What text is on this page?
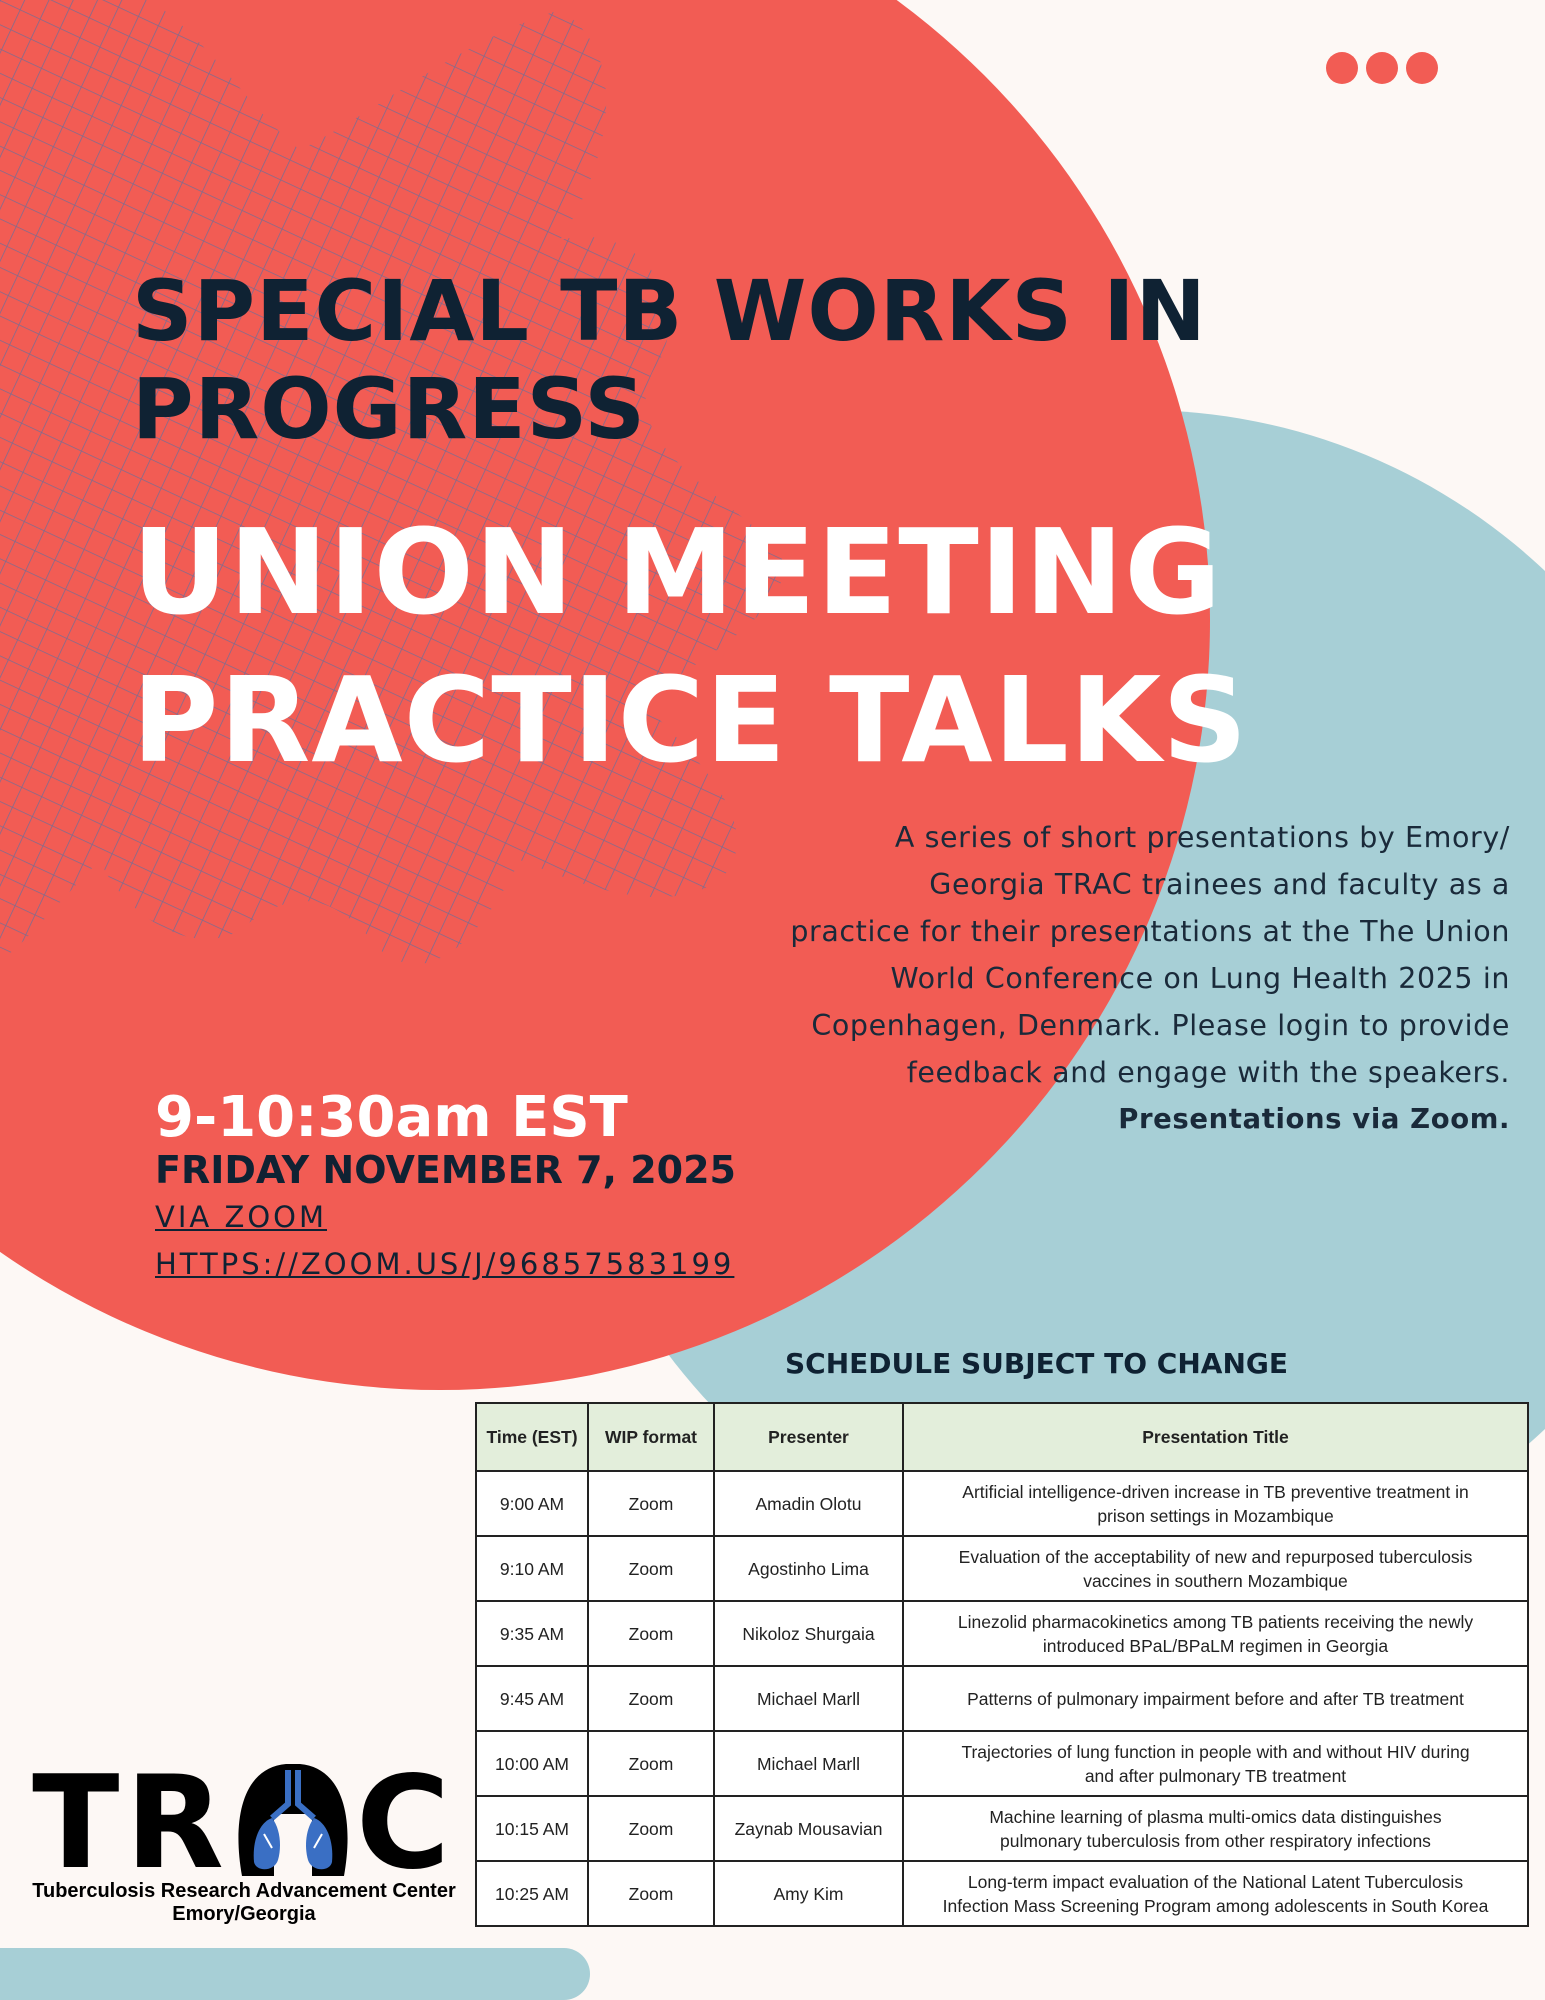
SPECIAL TB WORKS IN
PROGRESS
UNION MEETING
PRACTICE TALKS
A series of short presentations by Emory/
Georgia TRAC trainees and faculty as a
practice for their presentations at the The Union
World Conference on Lung Health 2025 in
Copenhagen, Denmark. Please login to provide
feedback and engage with the speakers.
Presentations via Zoom.
9-10:30am EST
FRIDAY NOVEMBER 7, 2025
VIA ZOOM
HTTPS://ZOOM.US/J/96857583199
SCHEDULE SUBJECT TO CHANGE
Time (EST)	WIP format	Presenter	Presentation Title
9:00 AM	Zoom	Amadin Olotu	Artificial intelligence-driven increase in TB preventive treatment in
prison settings in Mozambique
9:10 AM	Zoom	Agostinho Lima	Evaluation of the acceptability of new and repurposed tuberculosis
vaccines in southern Mozambique
9:35 AM	Zoom	Nikoloz Shurgaia	Linezolid pharmacokinetics among TB patients receiving the newly
introduced BPaL/BPaLM regimen in Georgia
9:45 AM	Zoom	Michael Marll	Patterns of pulmonary impairment before and after TB treatment
10:00 AM	Zoom	Michael Marll	Trajectories of lung function in people with and without HIV during
and after pulmonary TB treatment
10:15 AM	Zoom	Zaynab Mousavian	Machine learning of plasma multi-omics data distinguishes
pulmonary tuberculosis from other respiratory infections
10:25 AM	Zoom	Amy Kim	Long-term impact evaluation of the National Latent Tuberculosis
Infection Mass Screening Program among adolescents in South Korea
T R C
Tuberculosis Research Advancement Center
Emory/Georgia
